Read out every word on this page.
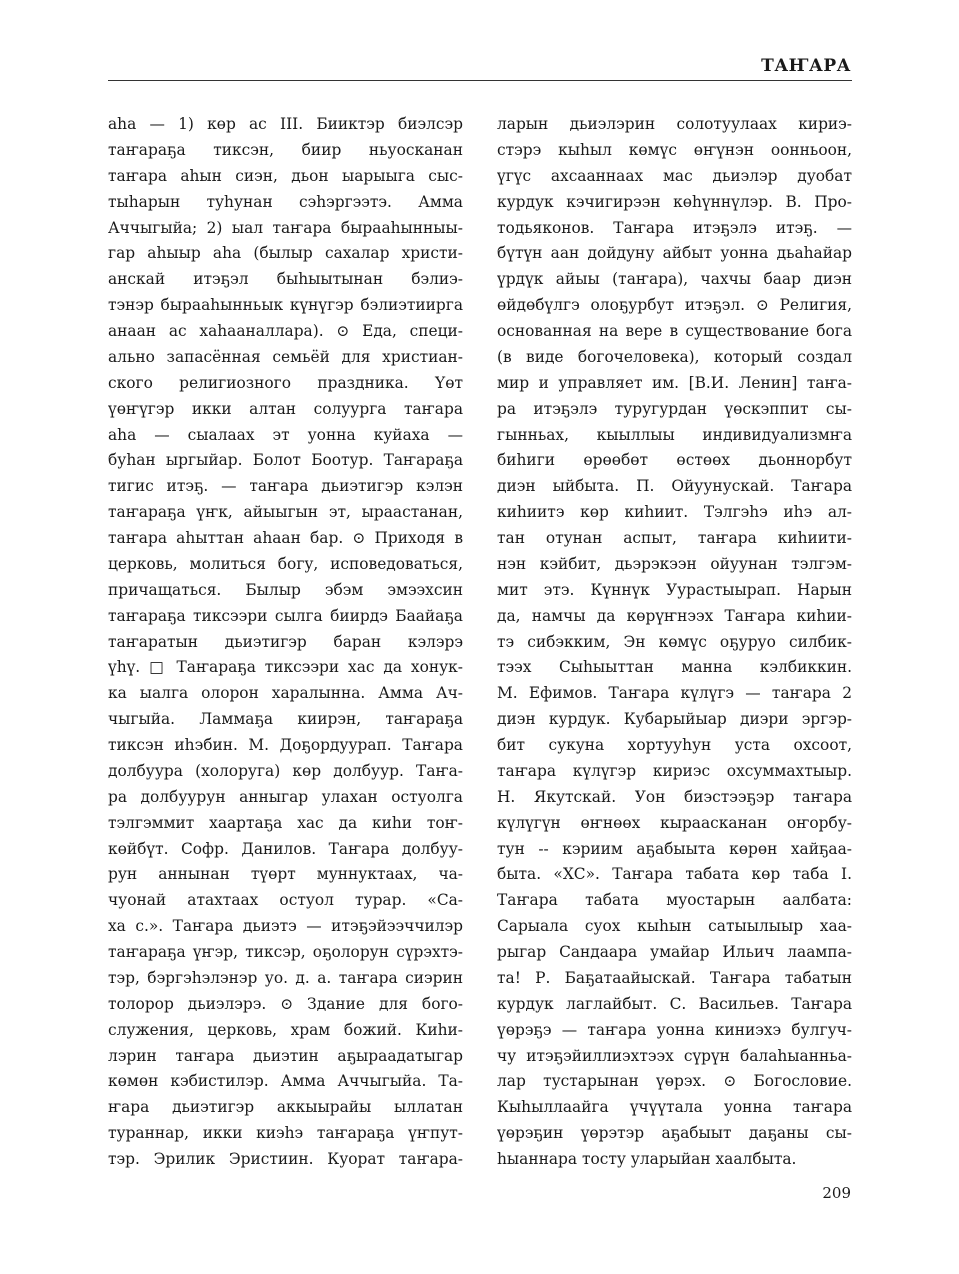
ТАҤАРА
аһа — 1) көр ас III. Бииктэр биэлсэр
таҥараҕа тиксэн, биир ньуосканан
таҥара аһын сиэн, дьон ыарыыга сыс-
тыһарын туһунан сэһэргээтэ. Амма
Аччыгыйа; 2) ыал таҥара бырааһынныы-
гар аһыыр аһа (былыр сахалар христи-
анскай итэҕэл быһыытынан бэлиэ-
тэнэр бырааһынньык күнүгэр бэлиэтиирга
анаан ас хаһааналлара). ⊙ Еда, специ-
ально запасённая семьёй для христиан-
ского религиозного праздника. Үөт
үөҥүгэр икки алтан солуурга таҥара
аһа — сыалаах эт уонна куйаха —
буһан ыргыйар. Болот Боотур. Таҥараҕа
тигис итэҕ. — таҥара дьиэтигэр кэлэн
таҥараҕа үҥк, айыыгын эт, ыраастанан,
таҥара аһыттан аһаан бар. ⊙ Приходя в
церковь, молиться богу, исповедоваться,
причащаться. Былыр эбэм эмээхсин
таҥараҕа тиксээри сылга биирдэ Баайаҕа
таҥаратын дьиэтигэр баран кэлэрэ
үһү. □ Таҥараҕа тиксээри хас да хонук-
ка ыалга олорон харалынна. Амма Ач-
чыгыйа. Ламмаҕа киирэн, таҥараҕа
тиксэн иһэбин. М. Доҕордуурап. Таҥара
долбуура (холоруга) көр долбуур. Таҥа-
ра долбуурун анныгар улахан остуолга
тэлгэммит хаартаҕа хас да киһи тоҥ-
көйбүт. Софр. Данилов. Таҥара долбуу-
рун аннынан түөрт муннуктаах, ча-
чуонай атахтаах остуол турар. «Са-
ха с.». Таҥара дьиэтэ — итэҕэйээччилэр
таҥараҕа үҥэр, тиксэр, оҕолорун сүрэхтэ-
тэр, бэргэһэлэнэр уо. д. а. таҥара сиэрин
толорор дьиэлэрэ. ⊙ Здание для бого-
служения, церковь, храм божий. Киһи-
лэрин таҥара дьиэтин аҕыраадатыгар
көмөн кэбистилэр. Амма Аччыгыйа. Та-
ҥара дьиэтигэр аккыырайы ыллатан
тураннар, икки киэһэ таҥараҕа үҥпут-
тэр. Эрилик Эристиин. Куорат таҥара-
ларын дьиэлэрин солотуулаах кириэ-
стэрэ кыһыл көмүс өҥүнэн оонньоон,
үгүс ахсааннаах мас дьиэлэр дуобат
курдук кэчигирээн көһүннүлэр. В. Про-
тодьяконов. Таҥара итэҕэлэ итэҕ. —
бүтүн аан дойдуну айбыт уонна дьаһайар
үрдүк айыы (таҥара), чахчы баар диэн
өйдөбүлгэ олоҕурбут итэҕэл. ⊙ Религия,
основанная на вере в существование бога
(в виде богочеловека), который создал
мир и управляет им. [В.И. Ленин] таҥа-
ра итэҕэлэ туругурдан үөскэппит сы-
гынньах, кыыллыы индивидуализмҥа
биһиги өрөөбөт өстөөх дьоннорбут
диэн ыйбыта. П. Ойуунускай. Таҥара
киһиитэ көр киһиит. Тэлгэһэ иһэ ал-
тан отунан аспыт, таҥара киһиити-
нэн кэйбит, дьэрэкээн ойуунан тэлгэм-
мит этэ. Күннүк Уурастыырап. Нарын
да, намчы да көрүҥнээх Таҥара киһии-
тэ сибэкким, Эн көмүс оҕуруо силбик-
тээх Сыһыыттан манна кэлбиккин.
М. Ефимов. Таҥара күлүгэ — таҥара 2
диэн курдук. Кубарыйыар диэри эргэр-
бит сукуна хортууһун уста охсоот,
таҥара күлүгэр кириэс охсуммахтыыр.
Н. Якутскай. Уон биэстээҕэр таҥара
күлүгүн өҥнөөх кыраасканан оҥорбу-
тун -- кэриим аҕабыыта көрөн хайҕаа-
быта. «ХС». Таҥара табата көр таба I.
Таҥара табата муостарын аалбата:
Сарыала суох кыһын сатыылыыр хаа-
рыгар Сандаара умайар Ильич лаампа-
та! Ρ. Баҕатаайыскай. Таҥара табатын
курдук лаглайбыт. С. Васильев. Таҥара
үөрэҕэ — таҥара уонна киниэхэ булгуч-
чу итэҕэйиллиэхтээх сүрүн балаһыанньа-
лар тустарынан үөрэх. ⊙ Богословие.
Кыһыллаайга үчүүтала уонна таҥара
үөрэҕин үөрэтэр аҕабыыт даҕаны сы-
һыаннара тосту уларыйан хаалбыта.
209
